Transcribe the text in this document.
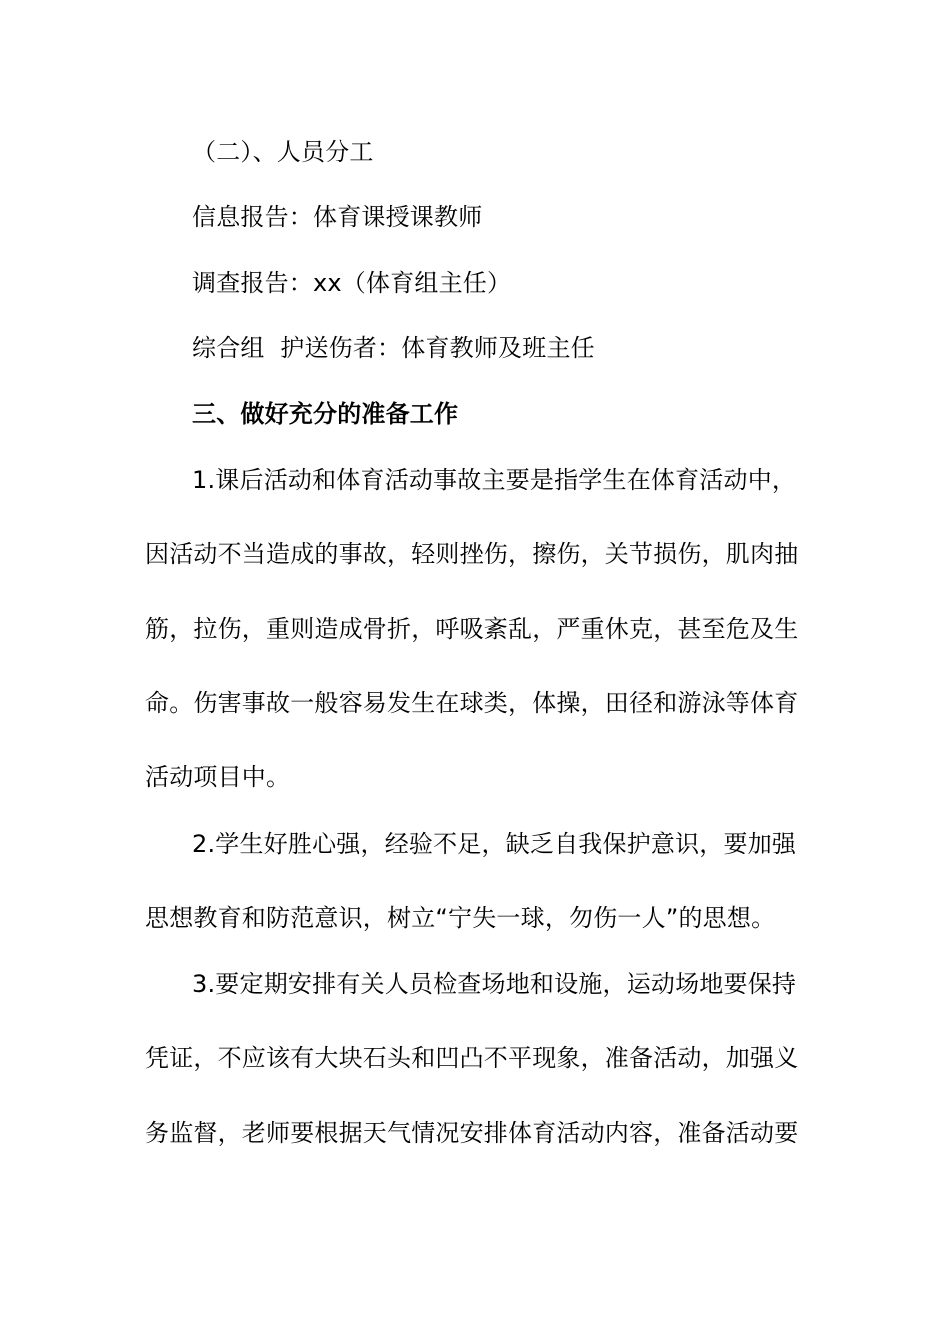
（二）、人员分工
信息报告：体育课授课教师
调查报告：xx（体育组主任）
综合组  护送伤者：体育教师及班主任
三、做好充分的准备工作
1.课后活动和体育活动事故主要是指学生在体育活动中，
因活动不当造成的事故，轻则挫伤，擦伤，关节损伤，肌肉抽
筋，拉伤，重则造成骨折，呼吸紊乱，严重休克，甚至危及生
命。伤害事故一般容易发生在球类，体操，田径和游泳等体育
活动项目中。
2.学生好胜心强，经验不足，缺乏自我保护意识，要加强
思想教育和防范意识，树立“宁失一球，勿伤一人”的思想。
3.要定期安排有关人员检查场地和设施，运动场地要保持
凭证，不应该有大块石头和凹凸不平现象，准备活动，加强义
务监督，老师要根据天气情况安排体育活动内容，准备活动要
